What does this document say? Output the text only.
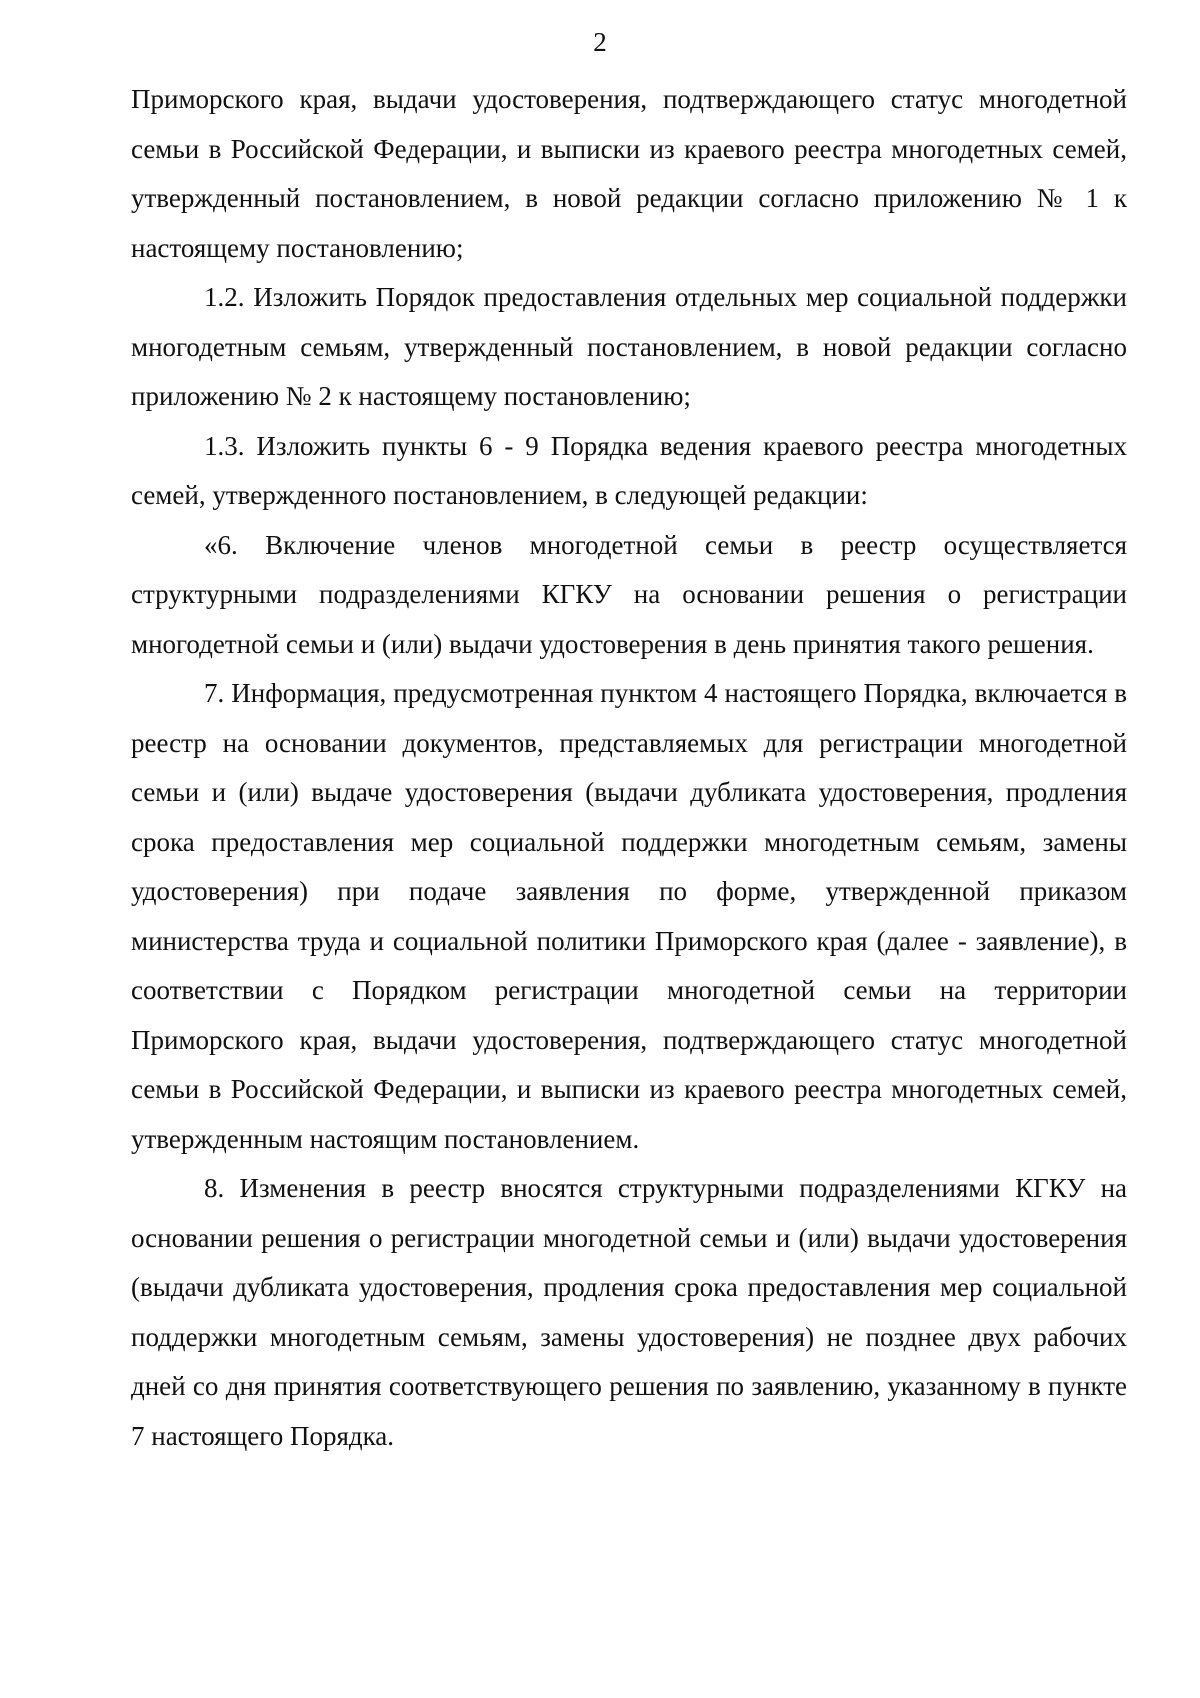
2

Приморского края, выдачи удостоверения, подтверждающего статус многодетной семьи в Российской Федерации, и выписки из краевого реестра многодетных семей, утвержденный постановлением, в новой редакции согласно приложению № 1 к настоящему постановлению;

1.2. Изложить Порядок предоставления отдельных мер социальной поддержки многодетным семьям, утвержденный постановлением, в новой редакции согласно приложению № 2 к настоящему постановлению;

1.3. Изложить пункты 6 - 9 Порядка ведения краевого реестра многодетных семей, утвержденного постановлением, в следующей редакции:

«6. Включение членов многодетной семьи в реестр осуществляется структурными подразделениями КГКУ на основании решения о регистрации многодетной семьи и (или) выдачи удостоверения в день принятия такого решения.

7. Информация, предусмотренная пунктом 4 настоящего Порядка, включается в реестр на основании документов, представляемых для регистрации многодетной семьи и (или) выдаче удостоверения (выдачи дубликата удостоверения, продления срока предоставления мер социальной поддержки многодетным семьям, замены удостоверения) при подаче заявления по форме, утвержденной приказом министерства труда и социальной политики Приморского края (далее - заявление), в соответствии с Порядком регистрации многодетной семьи на территории Приморского края, выдачи удостоверения, подтверждающего статус многодетной семьи в Российской Федерации, и выписки из краевого реестра многодетных семей, утвержденным настоящим постановлением.

8. Изменения в реестр вносятся структурными подразделениями КГКУ на основании решения о регистрации многодетной семьи и (или) выдачи удостоверения (выдачи дубликата удостоверения, продления срока предоставления мер социальной поддержки многодетным семьям, замены удостоверения) не позднее двух рабочих дней со дня принятия соответствующего решения по заявлению, указанному в пункте 7 настоящего Порядка.
